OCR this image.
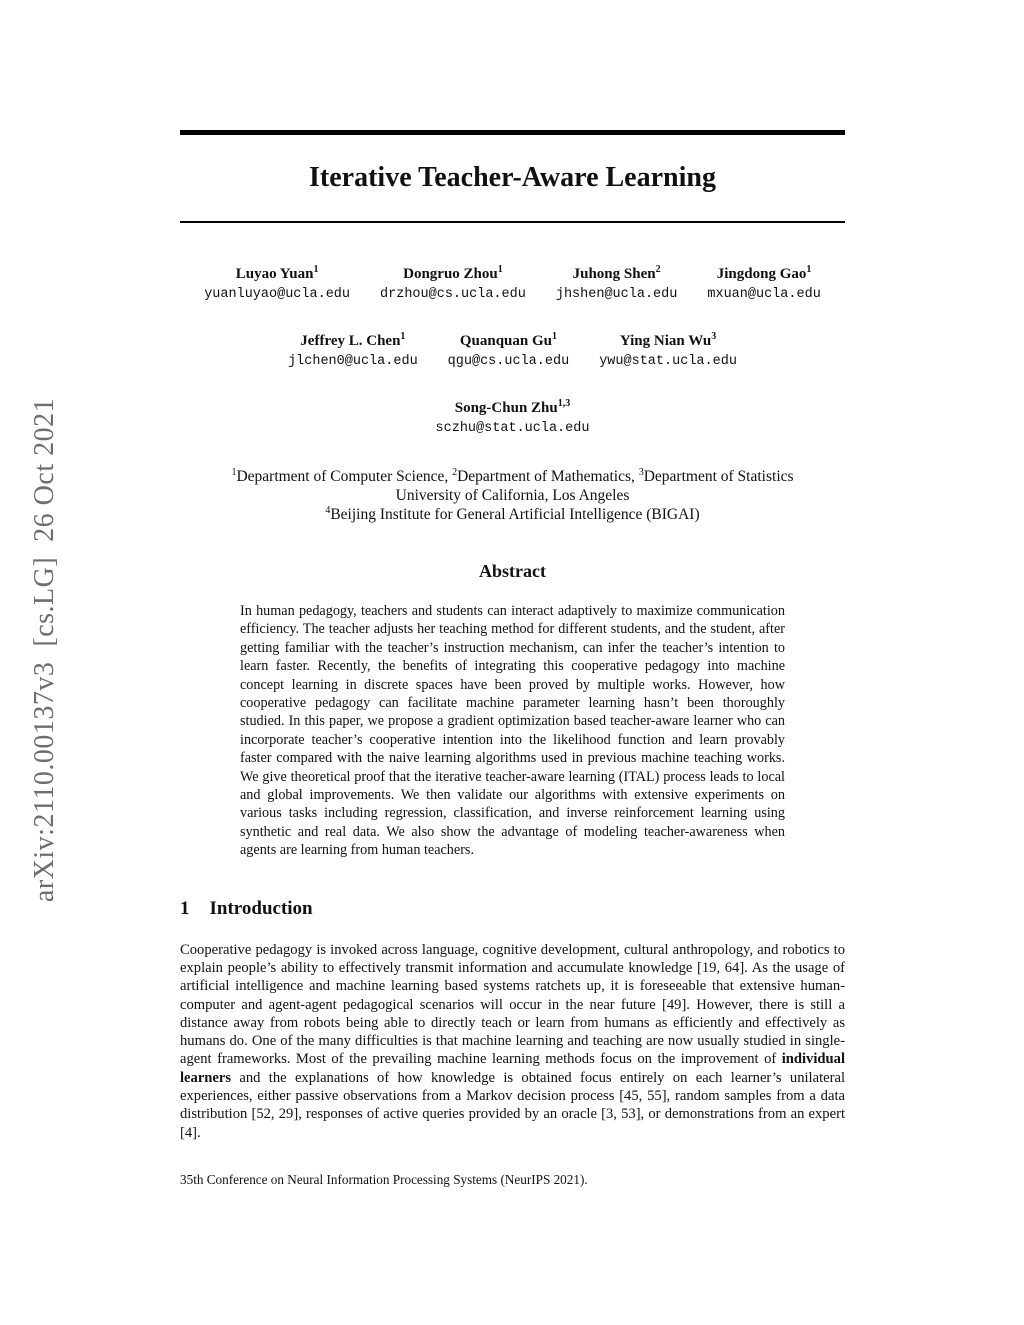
arXiv:2110.00137v3  [cs.LG]  26 Oct 2021
Iterative Teacher-Aware Learning
Luyao Yuan$^1$
yuanluyao@ucla.edu
Dongruo Zhou$^1$
drzhou@cs.ucla.edu
Juhong Shen$^2$
jhshen@ucla.edu
Jingdong Gao$^1$
mxuan@ucla.edu
Jeffrey L. Chen$^1$
jlchen0@ucla.edu
Quanquan Gu$^1$
qgu@cs.ucla.edu
Ying Nian Wu$^3$
ywu@stat.ucla.edu
Song-Chun Zhu$^{1,3}$
sczhu@stat.ucla.edu
$^1$Department of Computer Science, $^2$Department of Mathematics, $^3$Department of Statistics
University of California, Los Angeles
$^4$Beijing Institute for General Artificial Intelligence (BIGAI)
Abstract

In human pedagogy, teachers and students can interact adaptively to maximize communication efficiency. The teacher adjusts her teaching method for different students, and the student, after getting familiar with the teacher’s instruction mechanism, can infer the teacher’s intention to learn faster. Recently, the benefits of integrating this cooperative pedagogy into machine concept learning in discrete spaces have been proved by multiple works. However, how cooperative pedagogy can facilitate machine parameter learning hasn’t been thoroughly studied. In this paper, we propose a gradient optimization based teacher-aware learner who can incorporate teacher’s cooperative intention into the likelihood function and learn provably faster compared with the naive learning algorithms used in previous machine teaching works. We give theoretical proof that the iterative teacher-aware learning (ITAL) process leads to local and global improvements. We then validate our algorithms with extensive experiments on various tasks including regression, classification, and inverse reinforcement learning using synthetic and real data. We also show the advantage of modeling teacher-awareness when agents are learning from human teachers.

1 Introduction

Cooperative pedagogy is invoked across language, cognitive development, cultural anthropology, and robotics to explain people’s ability to effectively transmit information and accumulate knowledge [19, 64]. As the usage of artificial intelligence and machine learning based systems ratchets up, it is foreseeable that extensive human-computer and agent-agent pedagogical scenarios will occur in the near future [49]. However, there is still a distance away from robots being able to directly teach or learn from humans as efficiently and effectively as humans do. One of the many difficulties is that machine learning and teaching are now usually studied in single-agent frameworks. Most of the prevailing machine learning methods focus on the improvement of individual learners and the explanations of how knowledge is obtained focus entirely on each learner’s unilateral experiences, either passive observations from a Markov decision process [45, 55], random samples from a data distribution [52, 29], responses of active queries provided by an oracle [3, 53], or demonstrations from an expert [4].

35th Conference on Neural Information Processing Systems (NeurIPS 2021).
